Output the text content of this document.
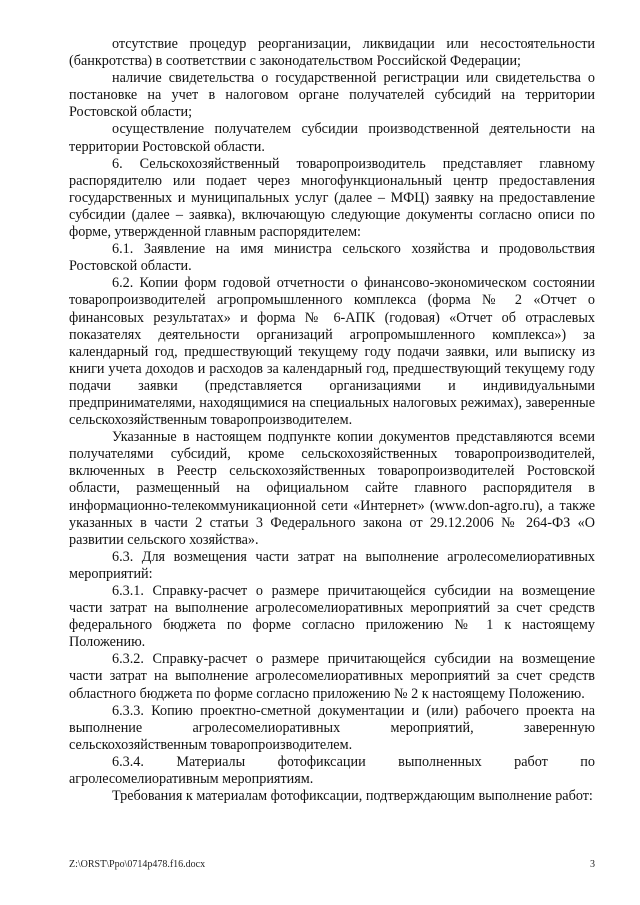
отсутствие процедур реорганизации, ликвидации или несостоятельности (банкротства) в соответствии с законодательством Российской Федерации;

наличие свидетельства о государственной регистрации или свидетельства о постановке на учет в налоговом органе получателей субсидий на территории Ростовской области;

осуществление получателем субсидии производственной деятельности на территории Ростовской области.

6. Сельскохозяйственный товаропроизводитель представляет главному распорядителю или подает через многофункциональный центр предоставления государственных и муниципальных услуг (далее – МФЦ) заявку на предоставление субсидии (далее – заявка), включающую следующие документы согласно описи по форме, утвержденной главным распорядителем:

6.1. Заявление на имя министра сельского хозяйства и продовольствия Ростовской области.

6.2. Копии форм годовой отчетности о финансово-экономическом состоянии товаропроизводителей агропромышленного комплекса (форма № 2 «Отчет о финансовых результатах» и форма № 6-АПК (годовая) «Отчет об отраслевых показателях деятельности организаций агропромышленного комплекса») за календарный год, предшествующий текущему году подачи заявки, или выписку из книги учета доходов и расходов за календарный год, предшествующий текущему году подачи заявки (представляется организациями и индивидуальными предпринимателями, находящимися на специальных налоговых режимах), заверенные сельскохозяйственным товаропроизводителем.

Указанные в настоящем подпункте копии документов представляются всеми получателями субсидий, кроме сельскохозяйственных товаропроизводителей, включенных в Реестр сельскохозяйственных товаропроизводителей Ростовской области, размещенный на официальном сайте главного распорядителя в информационно-телекоммуникационной сети «Интернет» (www.don-agro.ru), а также указанных в части 2 статьи 3 Федерального закона от 29.12.2006 № 264-ФЗ «О развитии сельского хозяйства».

6.3. Для возмещения части затрат на выполнение агролесомелиоративных мероприятий:

6.3.1. Справку-расчет о размере причитающейся субсидии на возмещение части затрат на выполнение агролесомелиоративных мероприятий за счет средств федерального бюджета по форме согласно приложению № 1 к настоящему Положению.

6.3.2. Справку-расчет о размере причитающейся субсидии на возмещение части затрат на выполнение агролесомелиоративных мероприятий за счет средств областного бюджета по форме согласно приложению № 2 к настоящему Положению.

6.3.3. Копию проектно-сметной документации и (или) рабочего проекта на выполнение агролесомелиоративных мероприятий, заверенную сельскохозяйственным товаропроизводителем.

6.3.4. Материалы фотофиксации выполненных работ по агролесомелиоративным мероприятиям.

Требования к материалам фотофиксации, подтверждающим выполнение работ:

Z:\ORST\Ppo\0714p478.f16.docx	3
